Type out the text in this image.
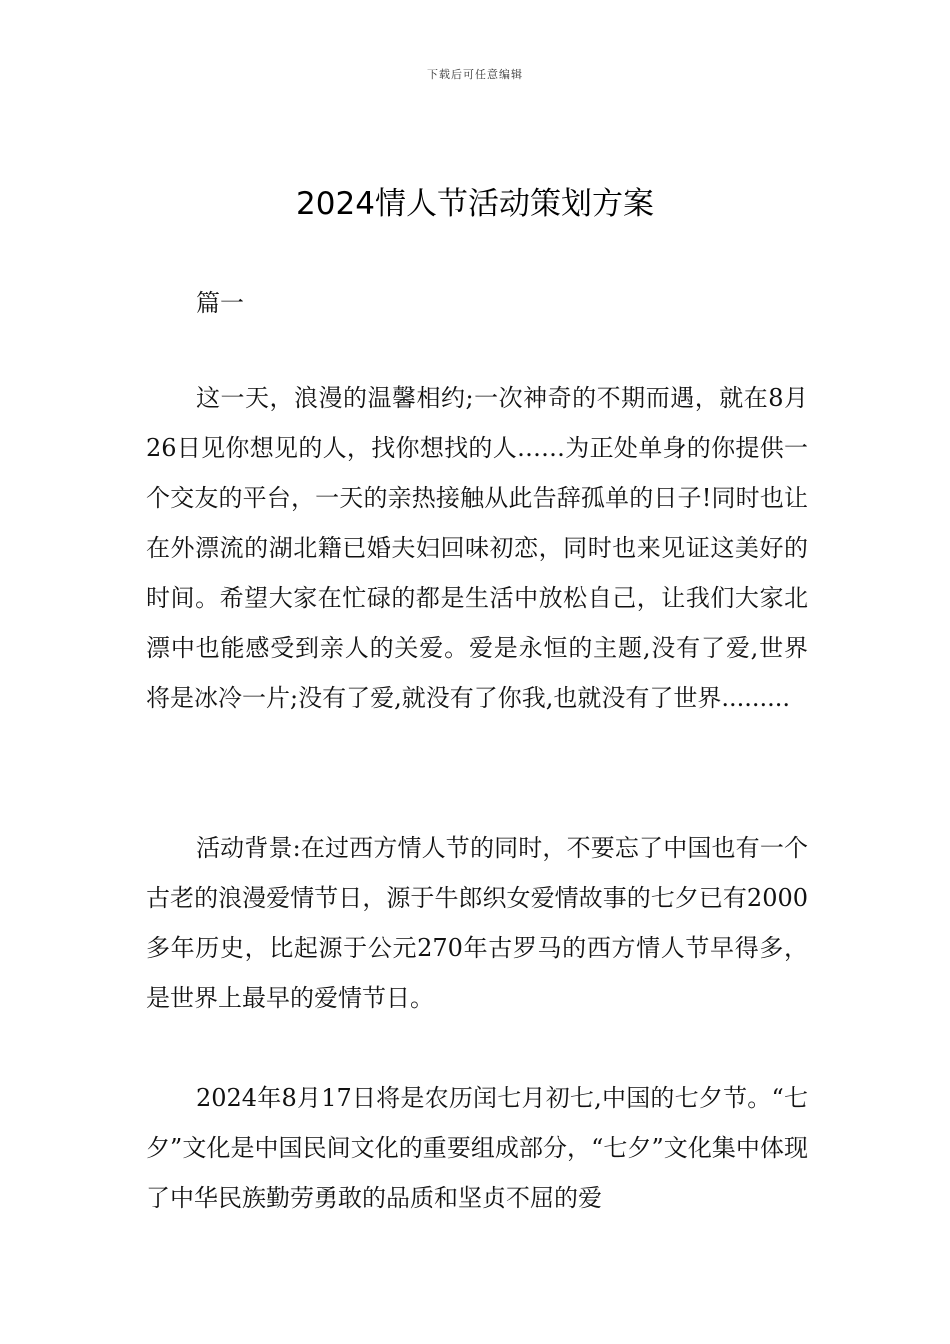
下载后可任意编辑
2024情人节活动策划方案

篇一

这一天，浪漫的温馨相约;一次神奇的不期而遇，就在8月26日见你想见的人，找你想找的人……为正处单身的你提供一个交友的平台，一天的亲热接触从此告辞孤单的日子!同时也让在外漂流的湖北籍已婚夫妇回味初恋，同时也来见证这美好的时间。希望大家在忙碌的都是生活中放松自己，让我们大家北漂中也能感受到亲人的关爱。爱是永恒的主题,没有了爱,世界将是冰冷一片;没有了爱,就没有了你我,也就没有了世界.........

活动背景:在过西方情人节的同时，不要忘了中国也有一个古老的浪漫爱情节日，源于牛郎织女爱情故事的七夕已有2000多年历史，比起源于公元270年古罗马的西方情人节早得多，是世界上最早的爱情节日。

2024年8月17日将是农历闰七月初七,中国的七夕节。“七夕”文化是中国民间文化的重要组成部分，“七夕”文化集中体现了中华民族勤劳勇敢的品质和坚贞不屈的爱
